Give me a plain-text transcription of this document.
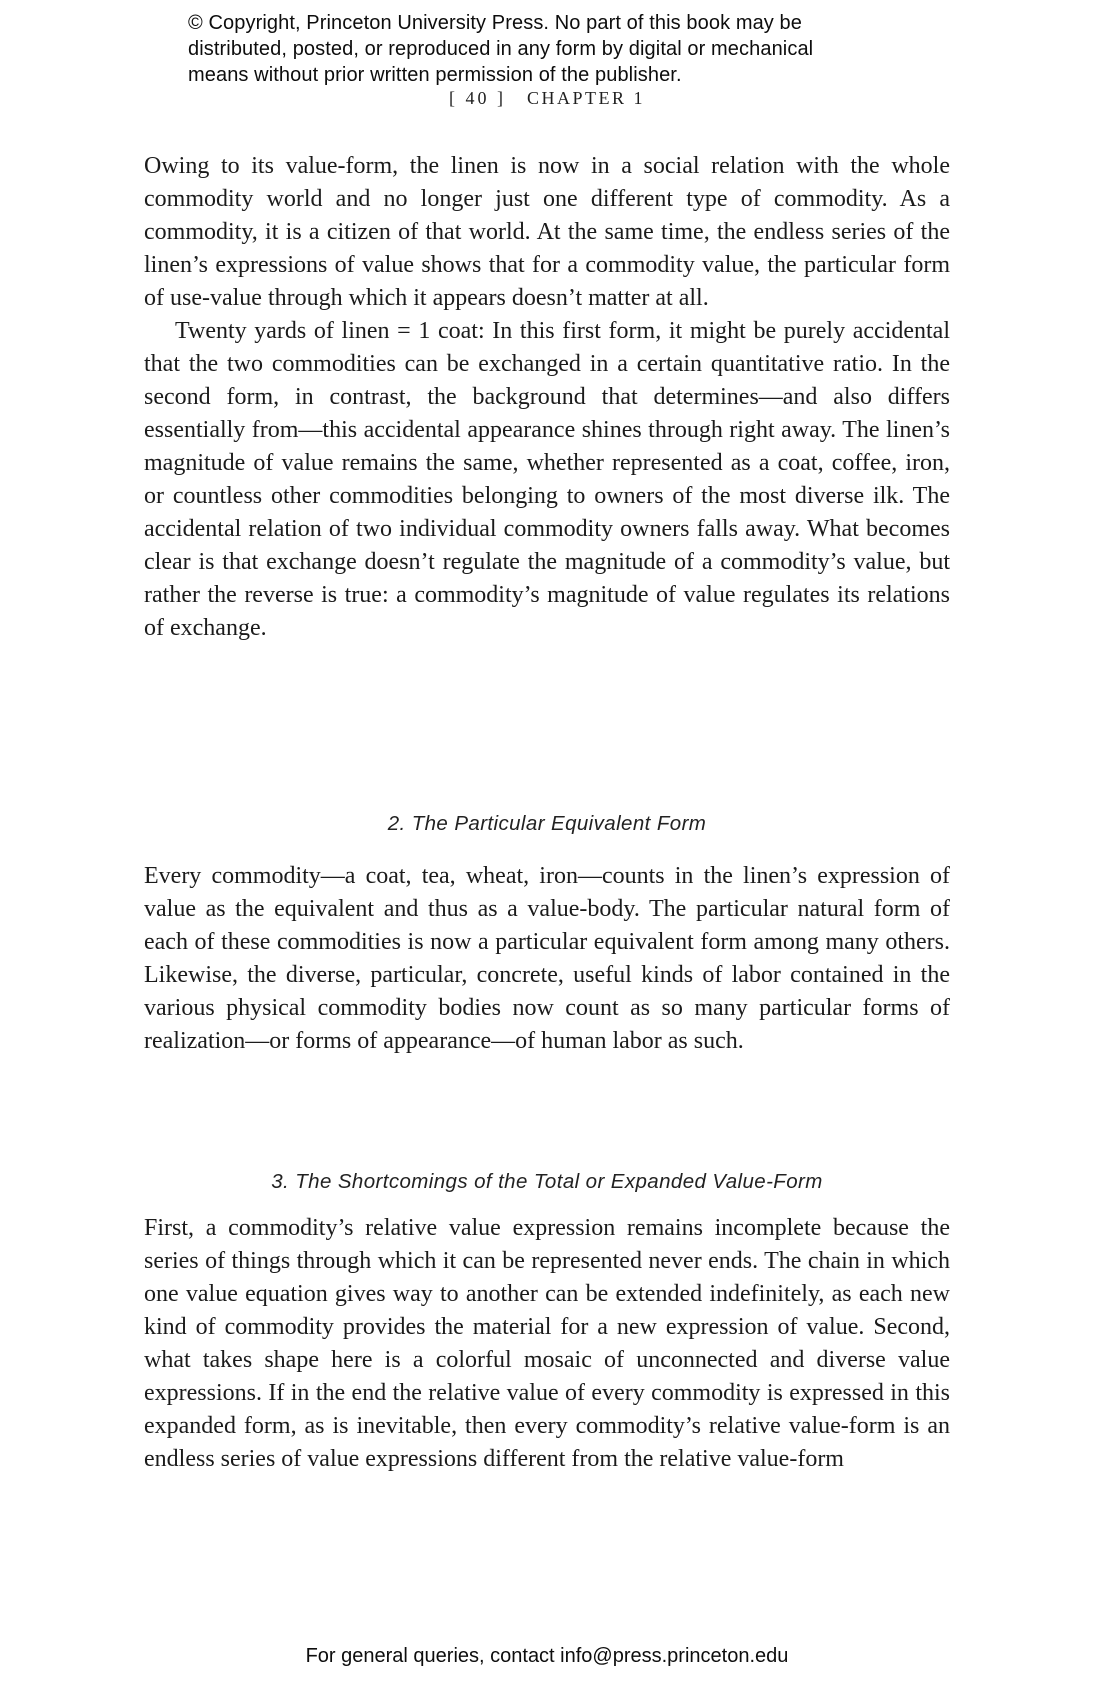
© Copyright, Princeton University Press. No part of this book may be
distributed, posted, or reproduced in any form by digital or mechanical
means without prior written permission of the publisher.
[ 40 ] CHAPTER 1

Owing to its value-form, the linen is now in a social relation with the whole commodity world and no longer just one different type of commodity. As a commodity, it is a citizen of that world. At the same time, the endless series of the linen’s expressions of value shows that for a commodity value, the particular form of use-value through which it appears doesn’t matter at all.

Twenty yards of linen = 1 coat: In this first form, it might be purely accidental that the two commodities can be exchanged in a certain quantitative ratio. In the second form, in contrast, the background that determines—and also differs essentially from—this accidental appearance shines through right away. The linen’s magnitude of value remains the same, whether represented as a coat, coffee, iron, or countless other commodities belonging to owners of the most diverse ilk. The accidental relation of two individual commodity owners falls away. What becomes clear is that exchange doesn’t regulate the magnitude of a commodity’s value, but rather the reverse is true: a commodity’s magnitude of value regulates its relations of exchange.

2. The Particular Equivalent Form

Every commodity—a coat, tea, wheat, iron—counts in the linen’s expression of value as the equivalent and thus as a value-body. The particular natural form of each of these commodities is now a particular equivalent form among many others. Likewise, the diverse, particular, concrete, useful kinds of labor contained in the various physical commodity bodies now count as so many particular forms of realization—or forms of appearance—of human labor as such.

3. The Shortcomings of the Total or Expanded Value-Form

First, a commodity’s relative value expression remains incomplete because the series of things through which it can be represented never ends. The chain in which one value equation gives way to another can be extended indefinitely, as each new kind of commodity provides the material for a new expression of value. Second, what takes shape here is a colorful mosaic of unconnected and diverse value expressions. If in the end the relative value of every commodity is expressed in this expanded form, as is inevitable, then every commodity’s relative value-form is an endless series of value expressions different from the relative value-form

For general queries, contact info@press.princeton.edu
